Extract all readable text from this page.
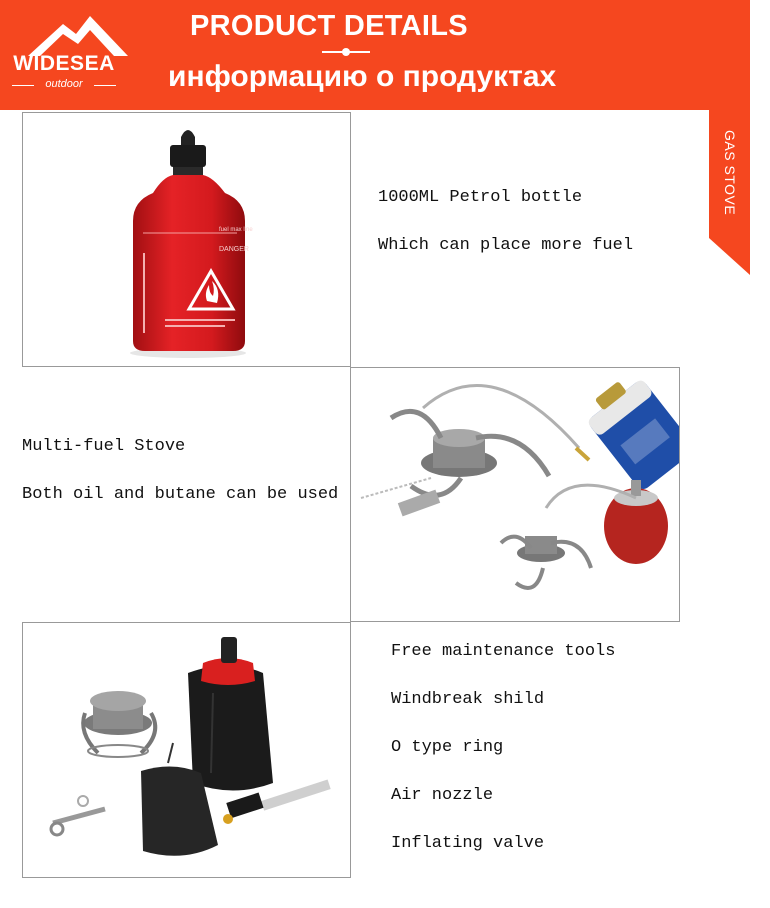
WIDESEA
outdoor
PRODUCT DETAILS
информацию о продуктах
GAS STOVE
fuel max line
DANGER
1000ML Petrol bottle
Which can place more fuel
Multi-fuel Stove
Both oil and butane can be used
Free maintenance tools
Windbreak shild
O type ring
Air nozzle
Inflating valve
